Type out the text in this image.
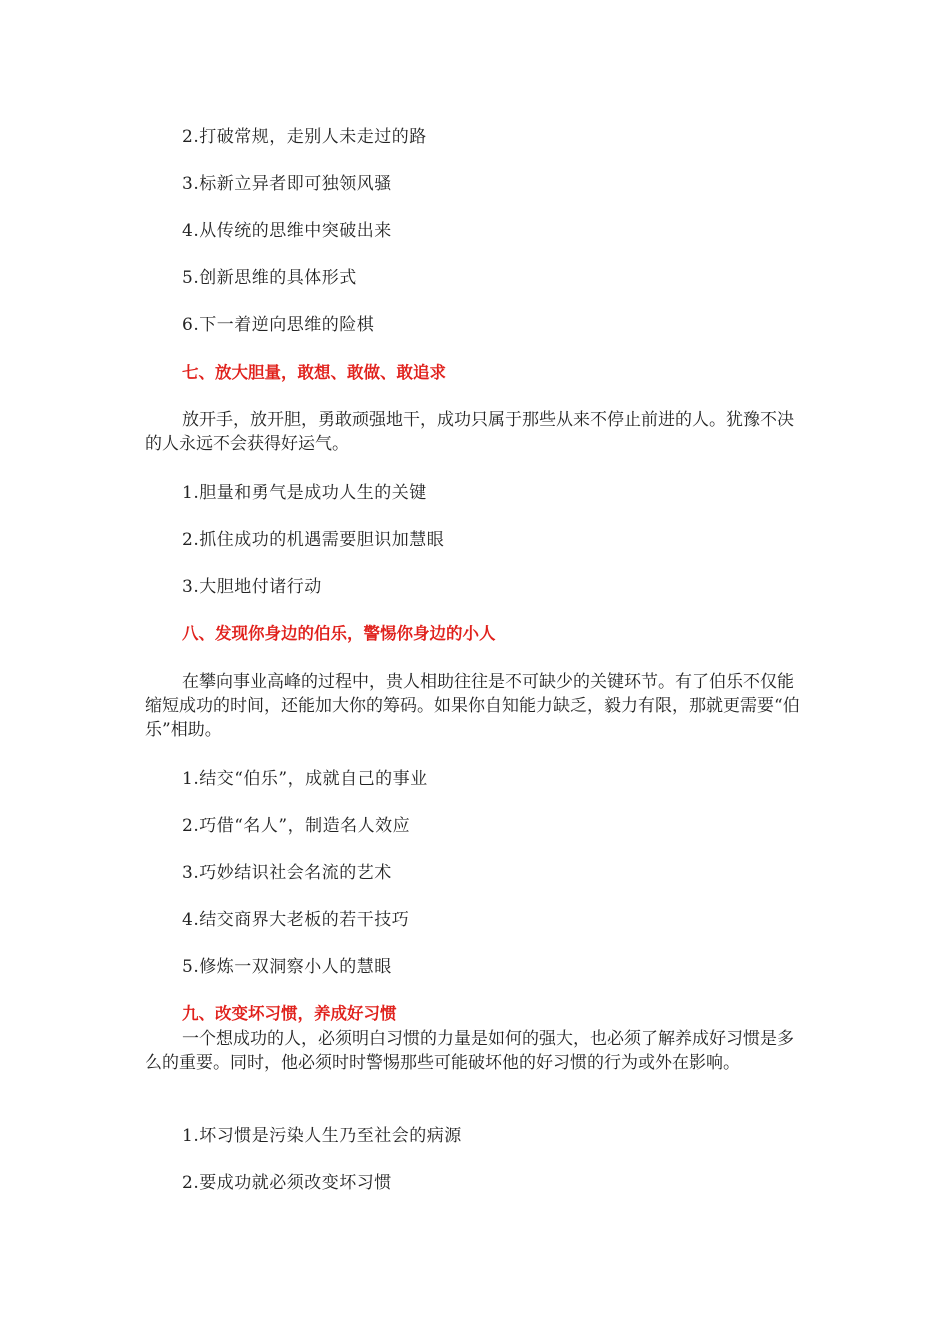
2.打破常规，走别人未走过的路

3.标新立异者即可独领风骚

4.从传统的思维中突破出来

5.创新思维的具体形式

6.下一着逆向思维的险棋

七、放大胆量，敢想、敢做、敢追求

放开手，放开胆，勇敢顽强地干，成功只属于那些从来不停止前进的人。犹豫不决的人永远不会获得好运气。

1.胆量和勇气是成功人生的关键

2.抓住成功的机遇需要胆识加慧眼

3.大胆地付诸行动

八、发现你身边的伯乐，警惕你身边的小人

在攀向事业高峰的过程中，贵人相助往往是不可缺少的关键环节。有了伯乐不仅能缩短成功的时间，还能加大你的筹码。如果你自知能力缺乏，毅力有限，那就更需要“伯乐”相助。

1.结交“伯乐”，成就自己的事业

2.巧借“名人”，制造名人效应

3.巧妙结识社会名流的艺术

4.结交商界大老板的若干技巧

5.修炼一双洞察小人的慧眼

九、改变坏习惯，养成好习惯

一个想成功的人，必须明白习惯的力量是如何的强大，也必须了解养成好习惯是多么的重要。同时，他必须时时警惕那些可能破坏他的好习惯的行为或外在影响。

1.坏习惯是污染人生乃至社会的病源

2.要成功就必须改变坏习惯
